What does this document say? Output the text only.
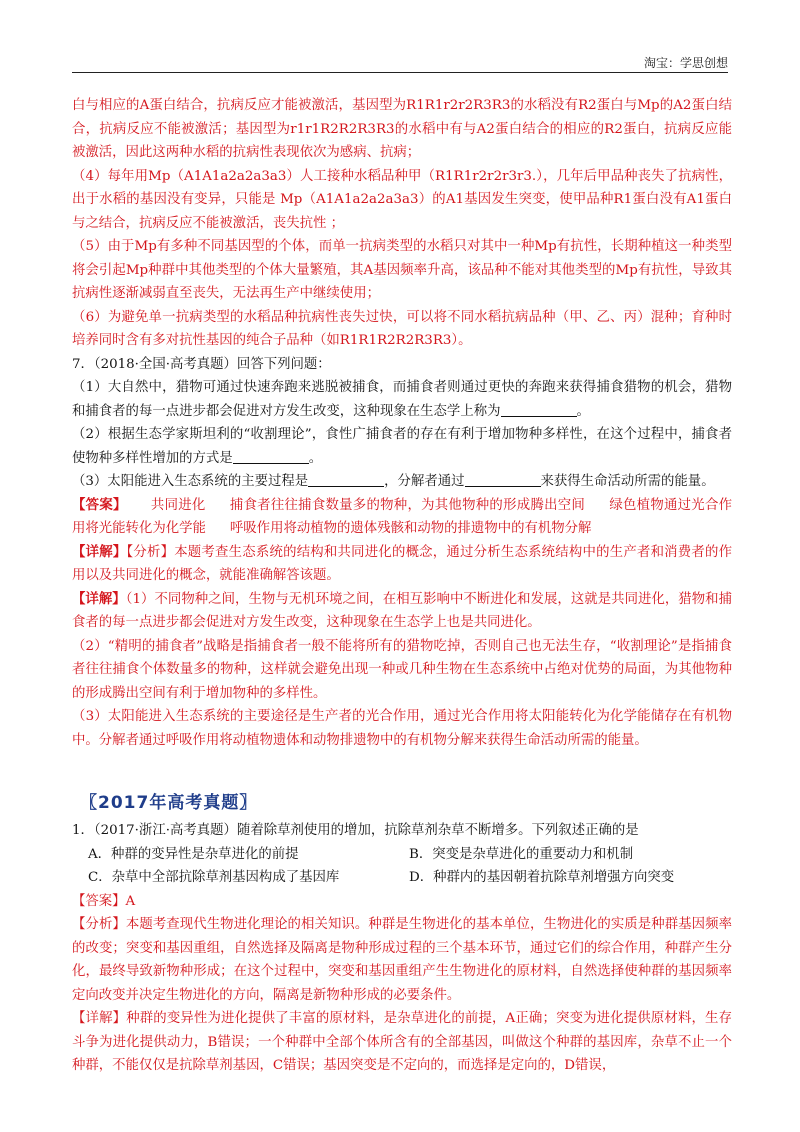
淘宝：学思创想

白与相应的A蛋白结合，抗病反应才能被激活，基因型为R1R1r2r2R3R3的水稻没有R2蛋白与Mp的A2蛋白结合，抗病反应不能被激活；基因型为r1r1R2R2R3R3的水稻中有与A2蛋白结合的相应的R2蛋白，抗病反应能被激活，因此这两种水稻的抗病性表现依次为感病、抗病；

（4）每年用Mp（A1A1a2a2a3a3）人工接种水稻品种甲（R1R1r2r2r3r3.），几年后甲品种丧失了抗病性，出于水稻的基因没有变异，只能是 Mp（A1A1a2a2a3a3）的A1基因发生突变，使甲品种R1蛋白没有A1蛋白与之结合，抗病反应不能被激活，丧失抗性 ；

（5）由于Mp有多种不同基因型的个体，而单一抗病类型的水稻只对其中一种Mp有抗性，长期种植这一种类型将会引起Mp种群中其他类型的个体大量繁殖，其A基因频率升高，该品种不能对其他类型的Mp有抗性，导致其抗病性逐渐减弱直至丧失，无法再生产中继续使用；

（6）为避免单一抗病类型的水稻品种抗病性丧失过快，可以将不同水稻抗病品种（甲、乙、丙）混种；育种时培养同时含有多对抗性基因的纯合子品种（如R1R1R2R2R3R3）。

7．（2018·全国·高考真题）回答下列问题：

（1）大自然中，猎物可通过快速奔跑来逃脱被捕食，而捕食者则通过更快的奔跑来获得捕食猎物的机会，猎物和捕食者的每一点进步都会促进对方发生改变，这种现象在生态学上称为	。

（2）根据生态学家斯坦利的“收割理论”，食性广捕食者的存在有利于增加物种多样性，在这个过程中，捕食者使物种多样性增加的方式是	。

（3）太阳能进入生态系统的主要过程是	，分解者通过	来获得生命活动所需的能量。

【答案】 共同进化 捕食者往往捕食数量多的物种，为其他物种的形成腾出空间 绿色植物通过光合作用将光能转化为化学能 呼吸作用将动植物的遗体残骸和动物的排遗物中的有机物分解

【详解】【分析】本题考查生态系统的结构和共同进化的概念，通过分析生态系统结构中的生产者和消费者的作用以及共同进化的概念，就能准确解答该题。

【详解】（1）不同物种之间，生物与无机环境之间，在相互影响中不断进化和发展，这就是共同进化，猎物和捕食者的每一点进步都会促进对方发生改变，这种现象在生态学上也是共同进化。

（2）“精明的捕食者”战略是指捕食者一般不能将所有的猎物吃掉，否则自己也无法生存，“收割理论”是指捕食者往往捕食个体数量多的物种，这样就会避免出现一种或几种生物在生态系统中占绝对优势的局面，为其他物种的形成腾出空间有利于增加物种的多样性。

（3）太阳能进入生态系统的主要途径是生产者的光合作用，通过光合作用将太阳能转化为化学能储存在有机物中。分解者通过呼吸作用将动植物遗体和动物排遗物中的有机物分解来获得生命活动所需的能量。

〖2017年高考真题〗

1．（2017·浙江·高考真题）随着除草剂使用的增加，抗除草剂杂草不断增多。下列叙述正确的是

A．种群的变异性是杂草进化的前提	B．突变是杂草进化的重要动力和机制
C．杂草中全部抗除草剂基因构成了基因库	D．种群内的基因朝着抗除草剂增强方向突变

【答案】A

【分析】本题考查现代生物进化理论的相关知识。种群是生物进化的基本单位，生物进化的实质是种群基因频率的改变；突变和基因重组，自然选择及隔离是物种形成过程的三个基本环节，通过它们的综合作用，种群产生分化，最终导致新物种形成；在这个过程中，突变和基因重组产生生物进化的原材料，自然选择使种群的基因频率定向改变并决定生物进化的方向，隔离是新物种形成的必要条件。

【详解】种群的变异性为进化提供了丰富的原材料，是杂草进化的前提，A正确；突变为进化提供原材料，生存斗争为进化提供动力，B错误；一个种群中全部个体所含有的全部基因，叫做这个种群的基因库，杂草不止一个种群，不能仅仅是抗除草剂基因，C错误；基因突变是不定向的，而选择是定向的，D错误，
